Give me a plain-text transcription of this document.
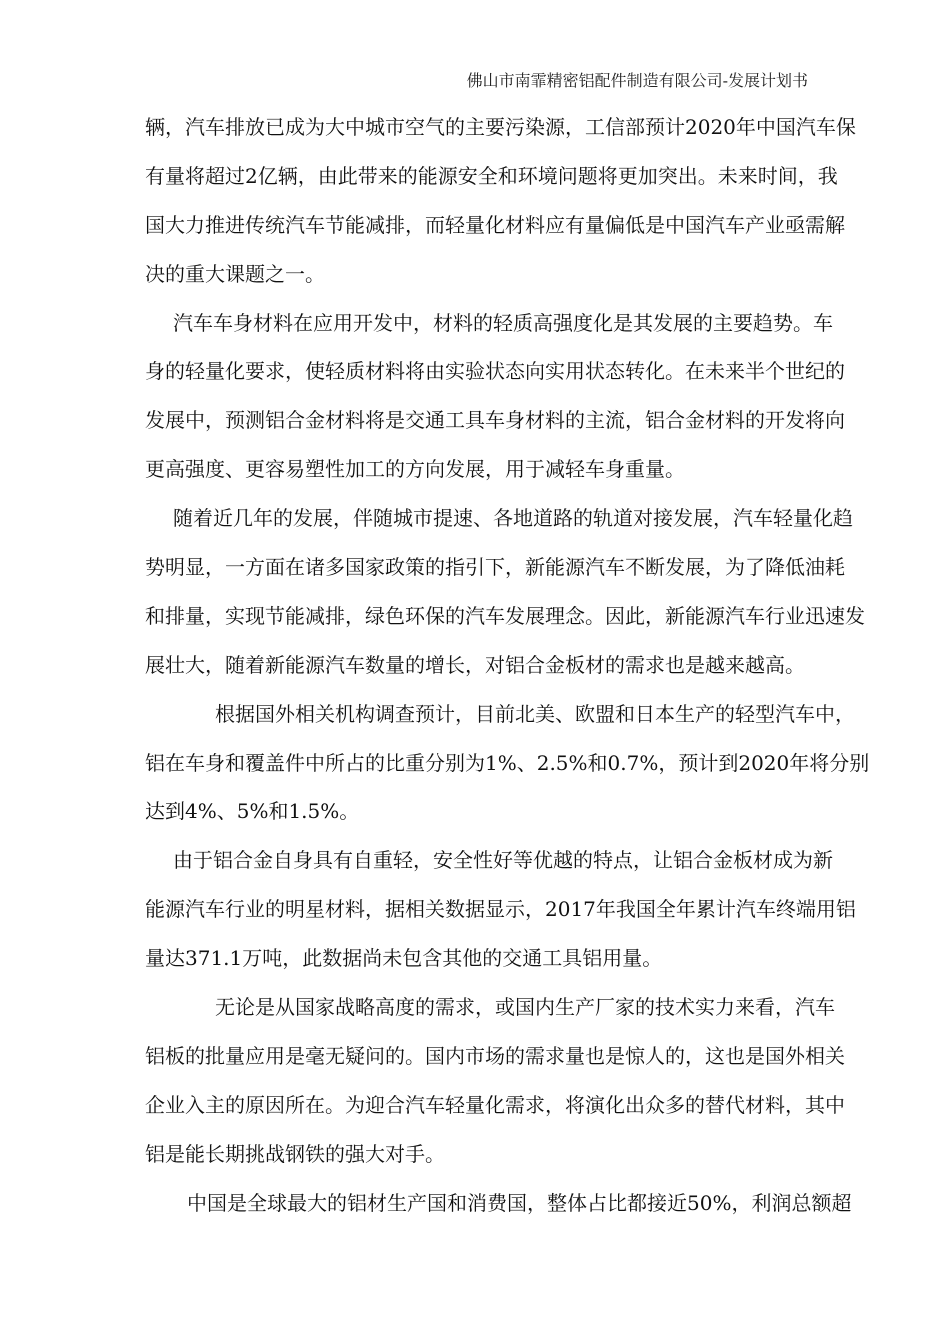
佛山市南霏精密铝配件制造有限公司-发展计划书
辆，汽车排放已成为大中城市空气的主要污染源，工信部预计2020年中国汽车保
有量将超过2亿辆，由此带来的能源安全和环境问题将更加突出。未来时间，我
国大力推进传统汽车节能减排，而轻量化材料应有量偏低是中国汽车产业亟需解
决的重大课题之一。
汽车车身材料在应用开发中，材料的轻质高强度化是其发展的主要趋势。车
身的轻量化要求，使轻质材料将由实验状态向实用状态转化。在未来半个世纪的
发展中，预测铝合金材料将是交通工具车身材料的主流，铝合金材料的开发将向
更高强度、更容易塑性加工的方向发展，用于减轻车身重量。
随着近几年的发展，伴随城市提速、各地道路的轨道对接发展，汽车轻量化趋
势明显，一方面在诸多国家政策的指引下，新能源汽车不断发展，为了降低油耗
和排量，实现节能减排，绿色环保的汽车发展理念。因此，新能源汽车行业迅速发
展壮大，随着新能源汽车数量的增长，对铝合金板材的需求也是越来越高。
根据国外相关机构调查预计，目前北美、欧盟和日本生产的轻型汽车中，
铝在车身和覆盖件中所占的比重分别为1%、2.5%和0.7%，预计到2020年将分别
达到4%、5%和1.5%。
由于铝合金自身具有自重轻，安全性好等优越的特点，让铝合金板材成为新
能源汽车行业的明星材料，据相关数据显示，2017年我国全年累计汽车终端用铝
量达371.1万吨，此数据尚未包含其他的交通工具铝用量。
无论是从国家战略高度的需求，或国内生产厂家的技术实力来看，汽车
铝板的批量应用是毫无疑问的。国内市场的需求量也是惊人的，这也是国外相关
企业入主的原因所在。为迎合汽车轻量化需求，将演化出众多的替代材料，其中
铝是能长期挑战钢铁的强大对手。
中国是全球最大的铝材生产国和消费国，整体占比都接近50%，利润总额超
